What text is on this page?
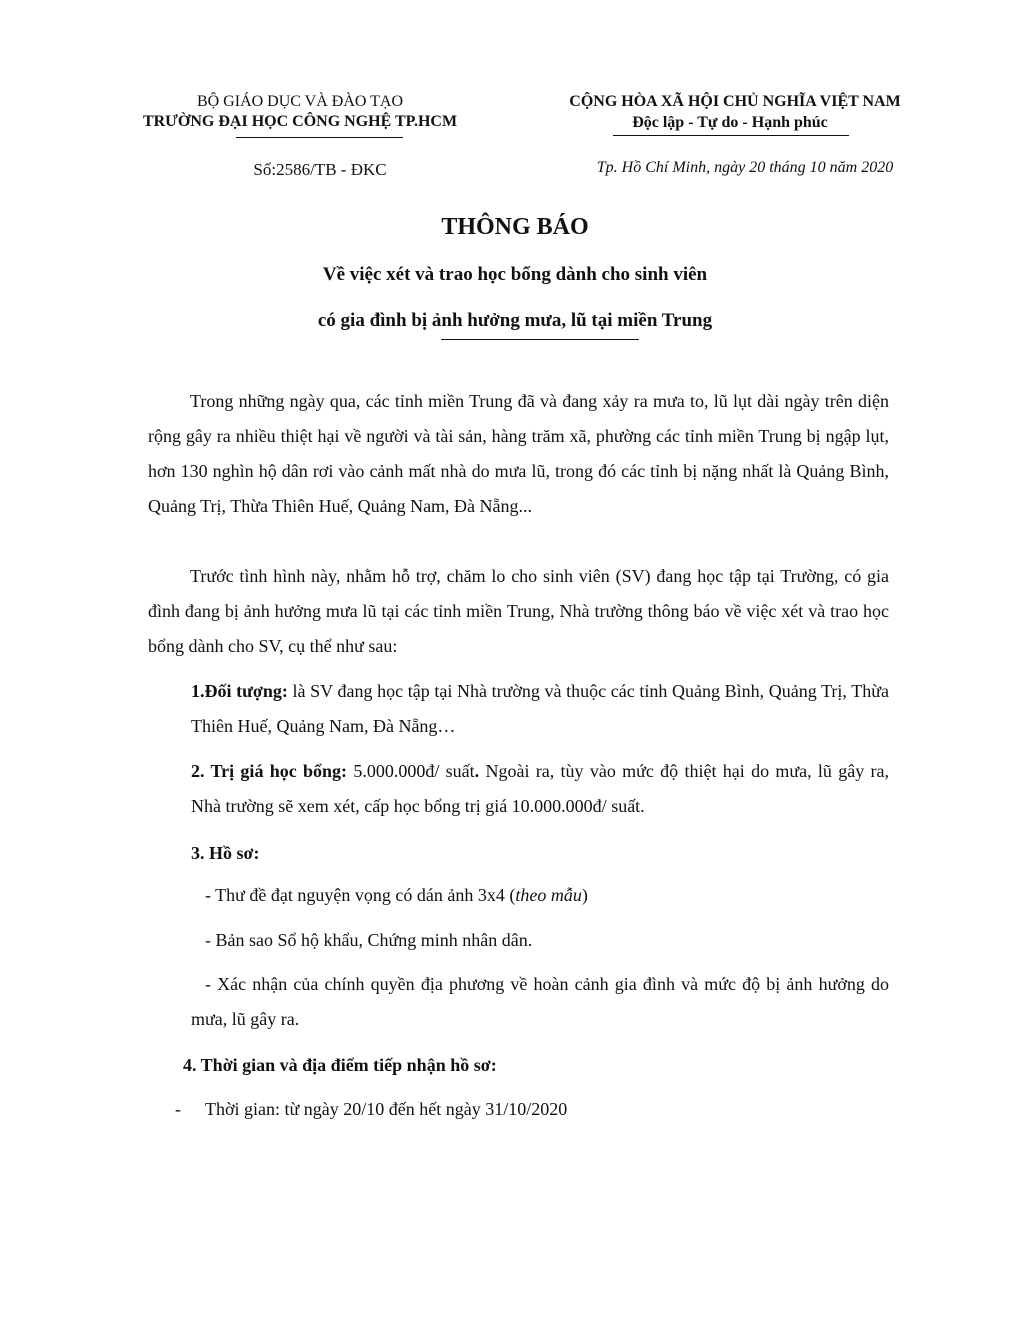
BỘ GIÁO DỤC VÀ ĐÀO TẠO
TRƯỜNG ĐẠI HỌC CÔNG NGHỆ TP.HCM
Số:2586/TB - ĐKC
CỘNG HÒA XÃ HỘI CHỦ NGHĨA VIỆT NAM
Độc lập - Tự do - Hạnh phúc
Tp. Hồ Chí Minh, ngày 20 tháng 10 năm 2020
THÔNG BÁO
Về việc xét và trao học bổng dành cho sinh viên
có gia đình bị ảnh hưởng mưa, lũ tại miền Trung
Trong những ngày qua, các tỉnh miền Trung đã và đang xảy ra mưa to, lũ lụt dài ngày trên diện rộng gây ra nhiều thiệt hại về người và tài sản, hàng trăm xã, phường các tỉnh miền Trung bị ngập lụt, hơn 130 nghìn hộ dân rơi vào cảnh mất nhà do mưa lũ, trong đó các tỉnh bị nặng nhất là Quảng Bình, Quảng Trị, Thừa Thiên Huế, Quảng Nam, Đà Nẵng...
Trước tình hình này, nhằm hỗ trợ, chăm lo cho sinh viên (SV) đang học tập tại Trường, có gia đình đang bị ảnh hưởng mưa lũ tại các tỉnh miền Trung, Nhà trường thông báo về việc xét và trao học bổng dành cho SV, cụ thể như sau:
1.Đối tượng: là SV đang học tập tại Nhà trường và thuộc các tỉnh Quảng Bình, Quảng Trị, Thừa Thiên Huế, Quảng Nam, Đà Nẵng…
2. Trị giá học bổng: 5.000.000đ/ suất. Ngoài ra, tùy vào mức độ thiệt hại do mưa, lũ gây ra, Nhà trường sẽ xem xét, cấp học bổng trị giá 10.000.000đ/ suất.
3. Hồ sơ:
- Thư đề đạt nguyện vọng có dán ảnh 3x4 (theo mẫu)
- Bản sao Sổ hộ khẩu, Chứng minh nhân dân.
- Xác nhận của chính quyền địa phương về hoàn cảnh gia đình và mức độ bị ảnh hưởng do mưa, lũ gây ra.
4. Thời gian và địa điểm tiếp nhận hồ sơ:
- Thời gian: từ ngày 20/10 đến hết ngày 31/10/2020
